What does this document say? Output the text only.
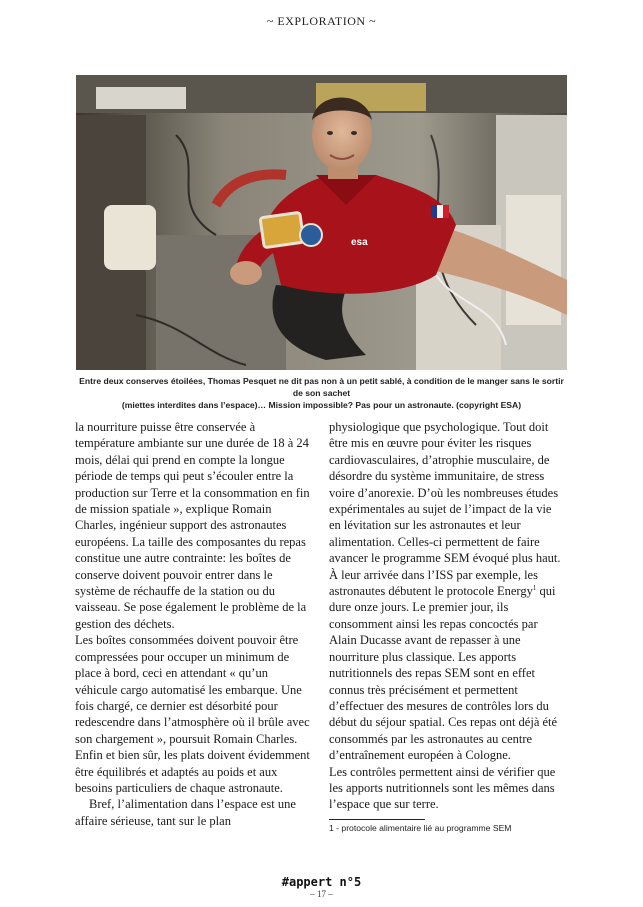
~ EXPLORATION ~
esa
Entre deux conserves étoilées, Thomas Pesquet ne dit pas non à un petit sablé, à condition de le manger sans le sortir de son sachet
(miettes interdites dans l’espace)… Mission impossible? Pas pour un astronaute. (copyright ESA)

la nourriture puisse être conservée à température ambiante sur une durée de 18 à 24 mois, délai qui prend en compte la longue période de temps qui peut s’écouler entre la production sur Terre et la consommation en fin de mission spatiale », explique Romain Charles, ingénieur support des astronautes européens. La taille des composantes du repas constitue une autre contrainte: les boîtes de conserve doivent pouvoir entrer dans le système de réchauffe de la station ou du vaisseau. Se pose également le problème de la gestion des déchets.

Les boîtes consommées doivent pouvoir être compressées pour occuper un minimum de place à bord, ceci en attendant « qu’un véhicule cargo automatisé les embarque. Une fois chargé, ce dernier est désorbité pour redescendre dans l’atmosphère où il brûle avec son chargement », poursuit Romain Charles. Enfin et bien sûr, les plats doivent évidemment être équilibrés et adaptés au poids et aux besoins particuliers de chaque astronaute.

Bref, l’alimentation dans l’espace est une affaire sérieuse, tant sur le plan

physiologique que psychologique. Tout doit être mis en œuvre pour éviter les risques cardiovasculaires, d’atrophie musculaire, de désordre du système immunitaire, de stress voire d’anorexie. D’où les nombreuses études expérimentales au sujet de l’impact de la vie en lévitation sur les astronautes et leur alimentation. Celles-ci permettent de faire avancer le programme SEM évoqué plus haut. À leur arrivée dans l’ISS par exemple, les astronautes débutent le protocole Energy$^1$ qui dure onze jours. Le premier jour, ils consomment ainsi les repas concoctés par Alain Ducasse avant de repasser à une nourriture plus classique. Les apports nutritionnels des repas SEM sont en effet connus très précisément et permettent d’effectuer des mesures de contrôles lors du début du séjour spatial. Ces repas ont déjà été consommés par les astronautes au centre d’entraînement européen à Cologne.

Les contrôles permettent ainsi de vérifier que les apports nutritionnels sont les mêmes dans l’espace que sur terre.

1 - protocole alimentaire lié au programme SEM
#appert n°5
– 17 –
